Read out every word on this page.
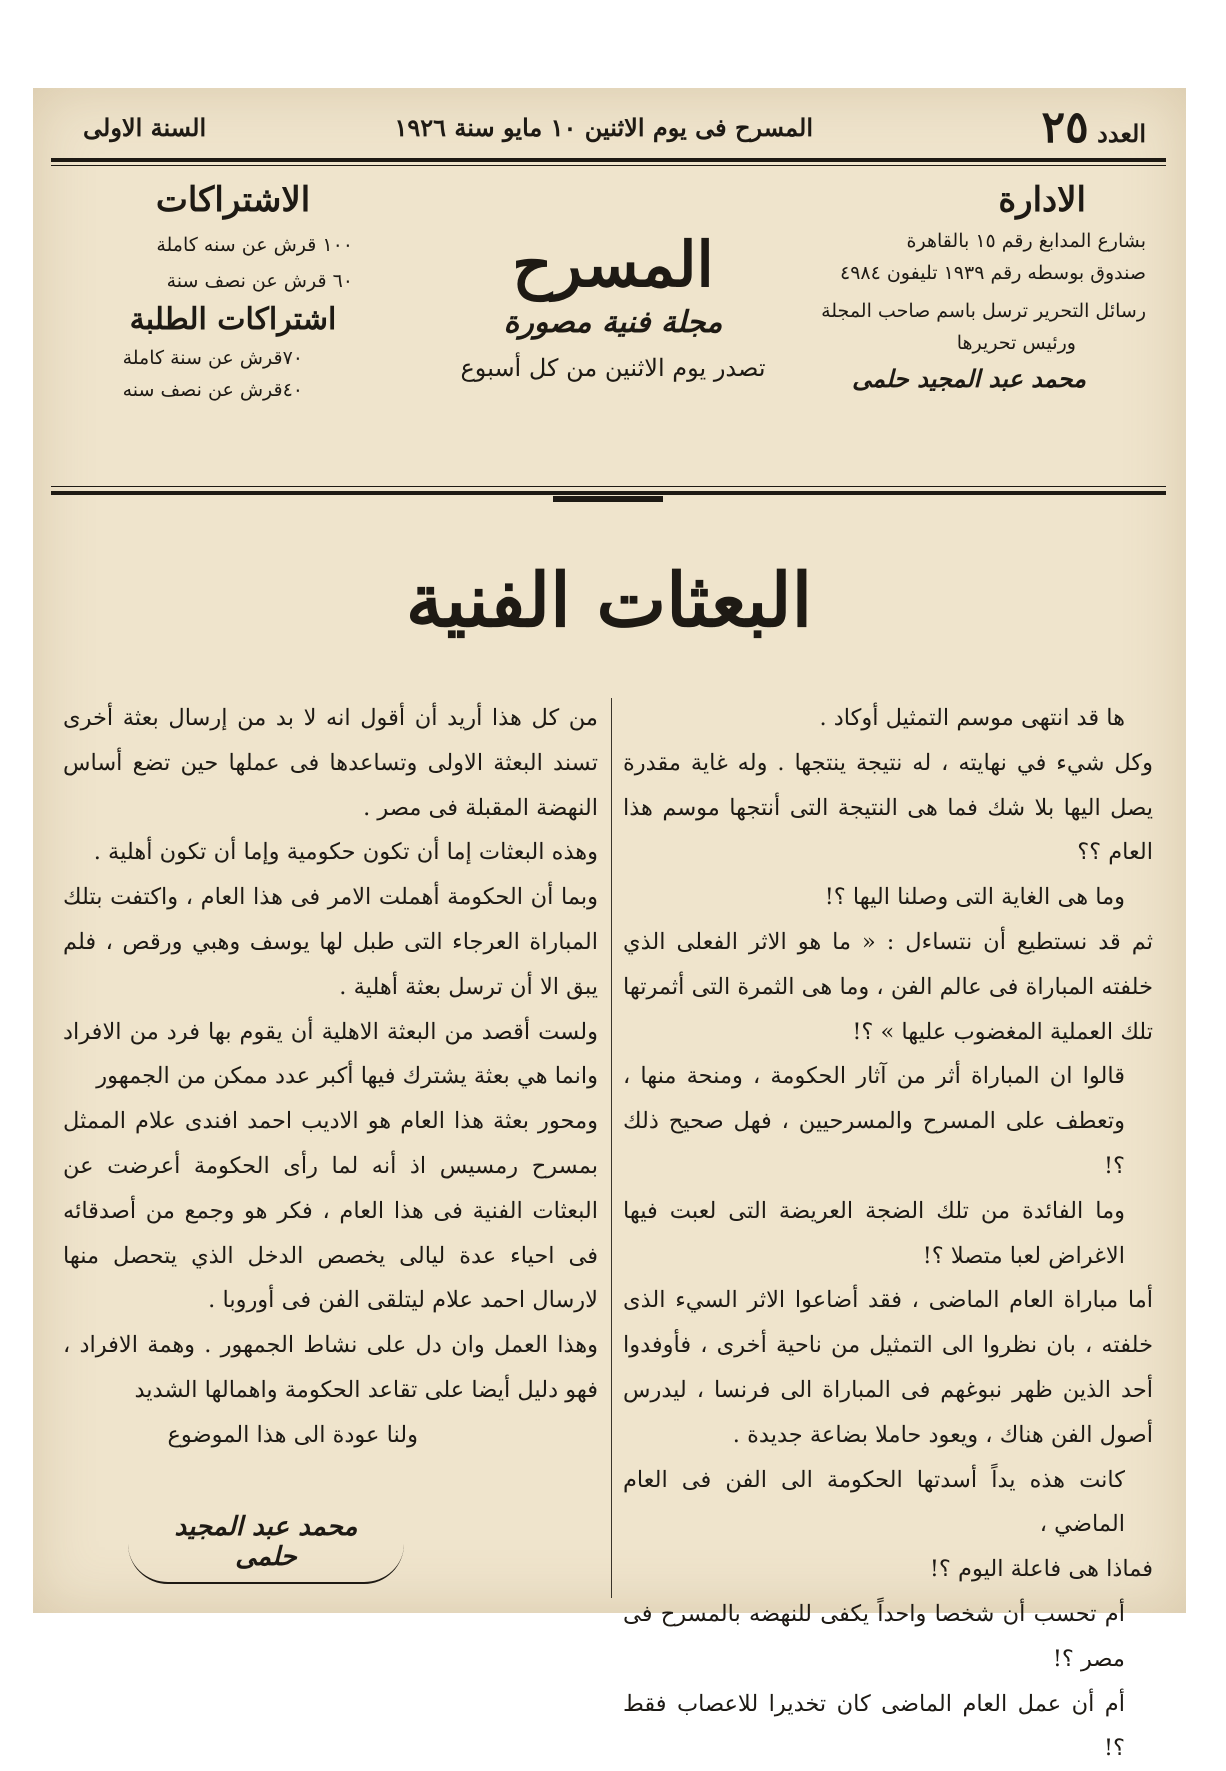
العدد ٢٥
المسرح فى يوم الاثنين ١٠ مايو سنة ١٩٢٦
السنة الاولى
الادارة
بشارع المدابغ رقم ١٥ بالقاهرة
صندوق بوسطه رقم ١٩٣٩ تليفون ٤٩٨٤
رسائل التحرير ترسل باسم صاحب المجلة
ورئيس تحريرها
محمد عبد المجيد حلمى
المسرح
مجلة فنية مصورة
تصدر يوم الاثنين من كل أسبوع
الاشتراكات
١٠٠ قرش عن سنه كاملة
٦٠ قرش عن نصف سنة
اشتراكات الطلبة
٧٠قرش عن سنة كاملة
٤٠قرش عن نصف سنه
البعثات الفنية

ها قد انتهى موسم التمثيل أوكاد .

وكل شيء في نهايته ، له نتيجة ينتجها . وله غاية مقدرة يصل اليها بلا شك فما هى النتيجة التى أنتجها موسم هذا العام ؟؟

وما هى الغاية التى وصلنا اليها ؟!

ثم قد نستطيع أن نتساءل : « ما هو الاثر الفعلى الذي خلفته المباراة فى عالم الفن ، وما هى الثمرة التى أثمرتها تلك العملية المغضوب عليها » ؟!

قالوا ان المباراة أثر من آثار الحكومة ، ومنحة منها ، وتعطف على المسرح والمسرحيين ، فهل صحيح ذلك ؟!

وما الفائدة من تلك الضجة العريضة التى لعبت فيها الاغراض لعبا متصلا ؟!

أما مباراة العام الماضى ، فقد أضاعوا الاثر السيء الذى خلفته ، بان نظروا الى التمثيل من ناحية أخرى ، فأوفدوا أحد الذين ظهر نبوغهم فى المباراة الى فرنسا ، ليدرس أصول الفن هناك ، ويعود حاملا بضاعة جديدة .

كانت هذه يداً أسدتها الحكومة الى الفن فى العام الماضي ،

فماذا هى فاعلة اليوم ؟!

أم تحسب أن شخصا واحداً يكفى للنهضه بالمسرح فى مصر ؟!

أم أن عمل العام الماضى كان تخديرا للاعصاب فقط ؟!

من كل هذا أريد أن أقول انه لا بد من إرسال بعثة أخرى تسند البعثة الاولى وتساعدها فى عملها حين تضع أساس النهضة المقبلة فى مصر .

وهذه البعثات إما أن تكون حكومية وإما أن تكون أهلية .

وبما أن الحكومة أهملت الامر فى هذا العام ، واكتفت بتلك المباراة العرجاء التى طبل لها يوسف وهبي ورقص ، فلم يبق الا أن ترسل بعثة أهلية .

ولست أقصد من البعثة الاهلية أن يقوم بها فرد من الافراد وانما هي بعثة يشترك فيها أكبر عدد ممكن من الجمهور

ومحور بعثة هذا العام هو الاديب احمد افندى علام الممثل بمسرح رمسيس اذ أنه لما رأى الحكومة أعرضت عن البعثات الفنية فى هذا العام ، فكر هو وجمع من أصدقائه فى احياء عدة ليالى يخصص الدخل الذي يتحصل منها لارسال احمد علام ليتلقى الفن فى أوروبا .

وهذا العمل وان دل على نشاط الجمهور . وهمة الافراد ، فهو دليل أيضا على تقاعد الحكومة واهمالها الشديد

ولنا عودة الى هذا الموضوع

محمد عبد المجيد حلمى
